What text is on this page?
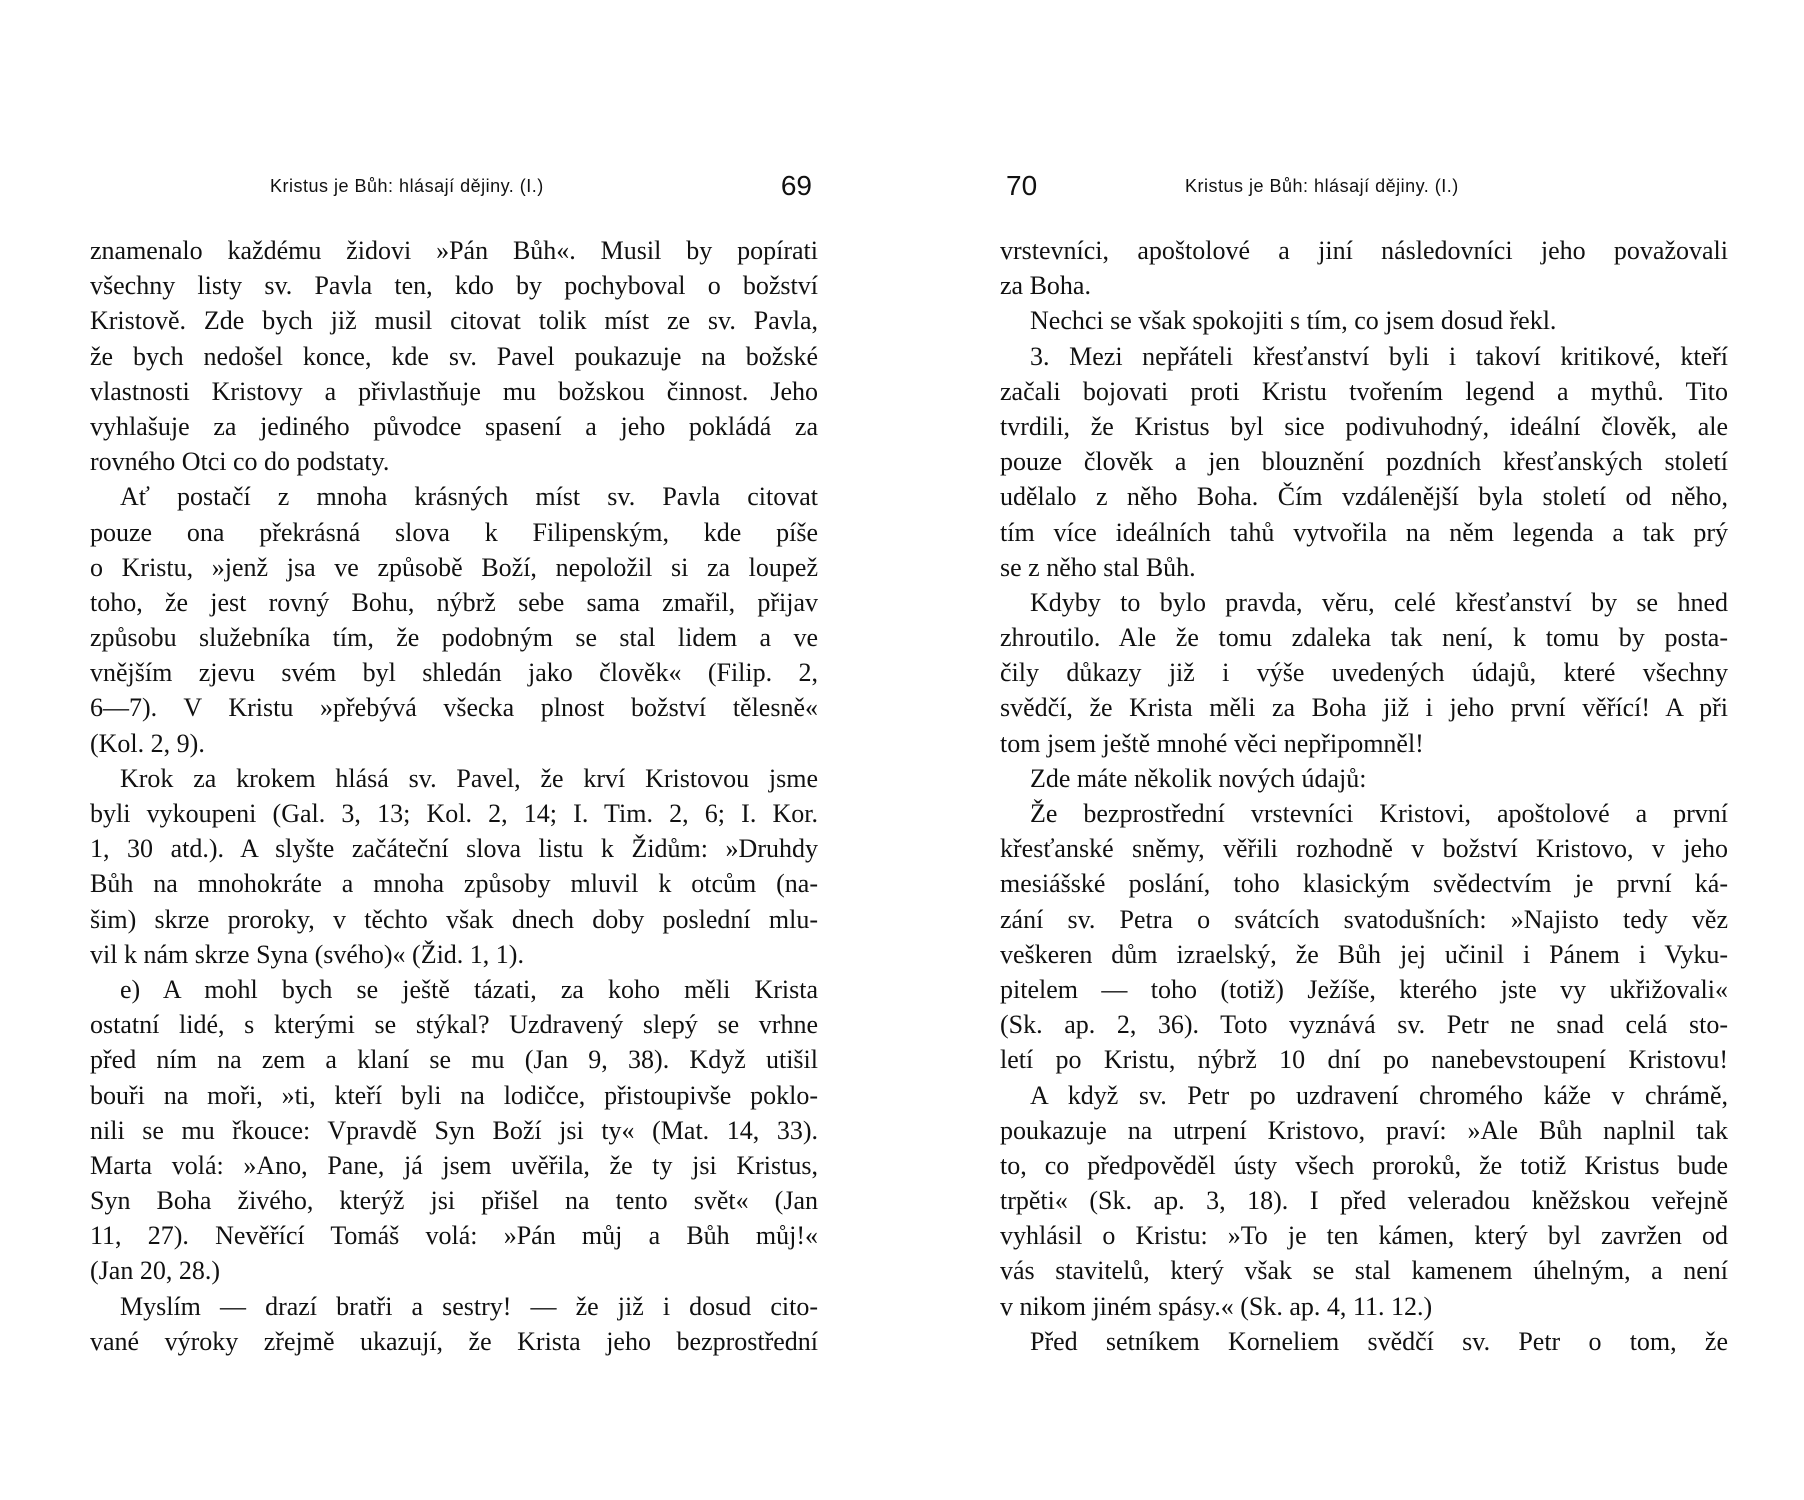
Kristus je Bůh: hlásají dějiny. (I.)	69
znamenalo každému židovi »Pán Bůh«. Musil by popírati
všechny listy sv. Pavla ten, kdo by pochyboval o božství
Kristově. Zde bych již musil citovat tolik míst ze sv. Pavla,
že bych nedošel konce, kde sv. Pavel poukazuje na božské
vlastnosti Kristovy a přivlastňuje mu božskou činnost. Jeho
vyhlašuje za jediného původce spasení a jeho pokládá za
rovného Otci co do podstaty.
Ať postačí z mnoha krásných míst sv. Pavla citovat
pouze ona překrásná slova k Filipenským, kde píše
o Kristu, »jenž jsa ve způsobě Boží, nepoložil si za loupež
toho, že jest rovný Bohu, nýbrž sebe sama zmařil, přijav
způsobu služebníka tím, že podobným se stal lidem a ve
vnějším zjevu svém byl shledán jako člověk« (Filip. 2,
6—7). V Kristu »přebývá všecka plnost božství tělesně«
(Kol. 2, 9).
Krok za krokem hlásá sv. Pavel, že krví Kristovou jsme
byli vykoupeni (Gal. 3, 13; Kol. 2, 14; I. Tim. 2, 6; I. Kor.
1, 30 atd.). A slyšte začáteční slova listu k Židům: »Druhdy
Bůh na mnohokráte a mnoha způsoby mluvil k otcům (na-
šim) skrze proroky, v těchto však dnech doby poslední mlu-
vil k nám skrze Syna (svého)« (Žid. 1, 1).
e) A mohl bych se ještě tázati, za koho měli Krista
ostatní lidé, s kterými se stýkal? Uzdravený slepý se vrhne
před ním na zem a klaní se mu (Jan 9, 38). Když utišil
bouři na moři, »ti, kteří byli na lodičce, přistoupivše poklo-
nili se mu řkouce: Vpravdě Syn Boží jsi ty« (Mat. 14, 33).
Marta volá: »Ano, Pane, já jsem uvěřila, že ty jsi Kristus,
Syn Boha živého, kterýž jsi přišel na tento svět« (Jan
11, 27). Nevěřící Tomáš volá: »Pán můj a Bůh můj!«
(Jan 20, 28.)
Myslím — drazí bratři a sestry! — že již i dosud cito-
vané výroky zřejmě ukazují, že Krista jeho bezprostřední
70	Kristus je Bůh: hlásají dějiny. (I.)
vrstevníci, apoštolové a jiní následovníci jeho považovali
za Boha.
Nechci se však spokojiti s tím, co jsem dosud řekl.
3. Mezi nepřáteli křesťanství byli i takoví kritikové, kteří
začali bojovati proti Kristu tvořením legend a mythů. Tito
tvrdili, že Kristus byl sice podivuhodný, ideální člověk, ale
pouze člověk a jen blouznění pozdních křesťanských století
udělalo z něho Boha. Čím vzdálenější byla století od něho,
tím více ideálních tahů vytvořila na něm legenda a tak prý
se z něho stal Bůh.
Kdyby to bylo pravda, věru, celé křesťanství by se hned
zhroutilo. Ale že tomu zdaleka tak není, k tomu by posta-
čily důkazy již i výše uvedených údajů, které všechny
svědčí, že Krista měli za Boha již i jeho první věřící! A při
tom jsem ještě mnohé věci nepřipomněl!
Zde máte několik nových údajů:
Že bezprostřední vrstevníci Kristovi, apoštolové a první
křesťanské sněmy, věřili rozhodně v božství Kristovo, v jeho
mesiášské poslání, toho klasickým svědectvím je první ká-
zání sv. Petra o svátcích svatodušních: »Najisto tedy věz
veškeren dům izraelský, že Bůh jej učinil i Pánem i Vyku-
pitelem — toho (totiž) Ježíše, kterého jste vy ukřižovali«
(Sk. ap. 2, 36). Toto vyznává sv. Petr ne snad celá sto-
letí po Kristu, nýbrž 10 dní po nanebevstoupení Kristovu!
A když sv. Petr po uzdravení chromého káže v chrámě,
poukazuje na utrpení Kristovo, praví: »Ale Bůh naplnil tak
to, co předpověděl ústy všech proroků, že totiž Kristus bude
trpěti« (Sk. ap. 3, 18). I před veleradou kněžskou veřejně
vyhlásil o Kristu: »To je ten kámen, který byl zavržen od
vás stavitelů, který však se stal kamenem úhelným, a není
v nikom jiném spásy.« (Sk. ap. 4, 11. 12.)
Před setníkem Korneliem svědčí sv. Petr o tom, že
